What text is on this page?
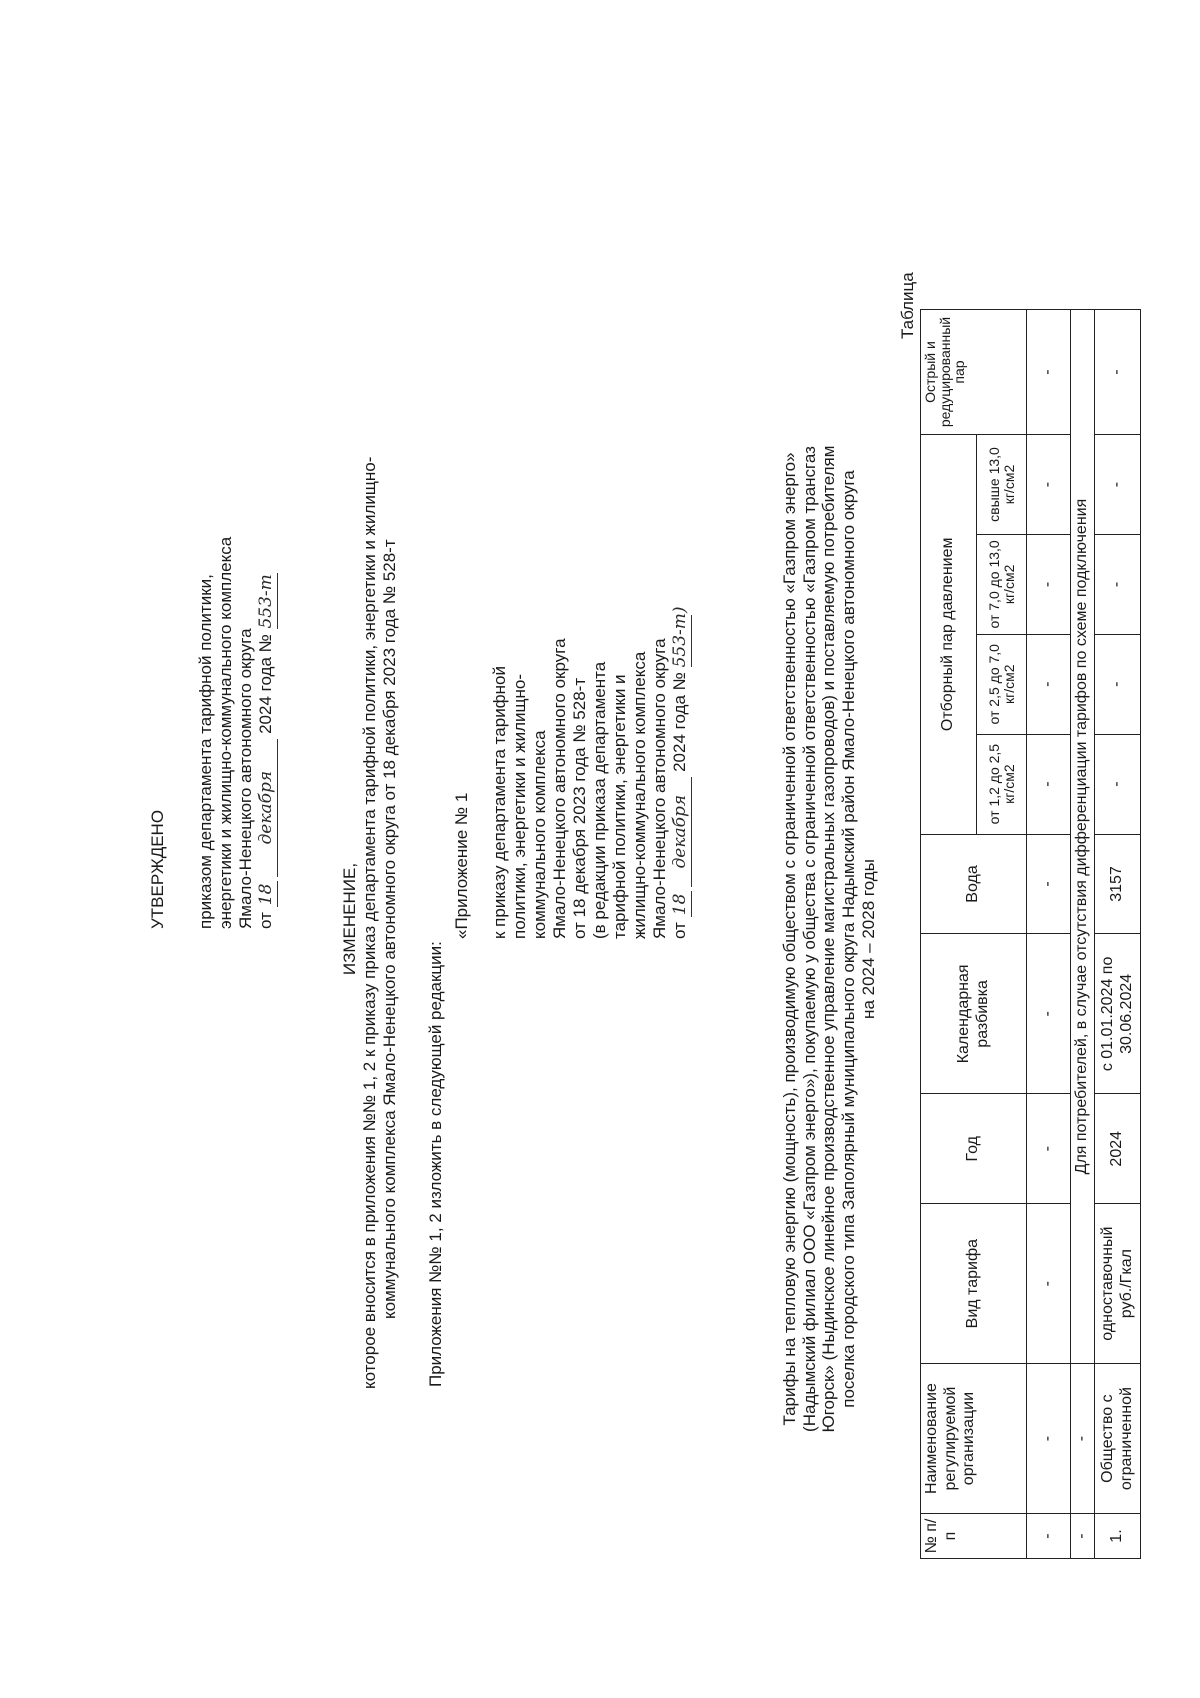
УТВЕРЖДЕНО приказом департамента тарифной политики, энергетики и жилищно-коммунального комплекса Ямало-Ненецкого автономного округа от 18 декабря 2024 года № 553-т
ИЗМЕНЕНИЕ, которое вносится в приложения №№ 1, 2 к приказу приказ департамента тарифной политики, энергетики и жилищно- коммунального комплекса Ямало-Ненецкого автономного округа от 18 декабря 2023 года № 528-т Приложения №№ 1, 2 изложить в следующей редакции:
«Приложение № 1 к приказу департамента тарифной политики, энергетики и жилищно- коммунального комплекса Ямало-Ненецкого автономного округа от 18 декабря 2023 года № 528-т (в редакции приказа департамента тарифной политики, энергетики и жилищно-коммунального комплекса Ямало-Ненецкого автономного округа от 18 декабря 2024 года № 553-т)	Тарифы на тепловую энергию (мощность), производимую обществом с ограниченной ответственностью «Газпром энерго» (Надымский филиал ООО «Газпром энерго»), покупаемую у общества с ограниченной ответственностью «Газпром трансгаз Югорск» (Ныдинское линейное производственное управление магистральных газопроводов) и поставляемую потребителям поселка городского типа Заполярный муниципального округа Надымский район Ямало-Ненецкого автономного округа на 2024 – 2028 годы
Таблица
№ п/п	Наименование регулируемой организации	Вид тарифа	Год	Календарная разбивка	Вода	Отборный пар давлением				Острый и редуцированный пар
						от 1,2 до 2,5 кг/см2	от 2,5 до 7,0 кг/см2	от 7,0 до 13,0 кг/см2	свыше 13,0 кг/см2	
-	-	-	-	-	-	-	-	-	-	-
-	-	Для потребителей, в случае отсутствия дифференциации тарифов по схеме подключения								
1.	Общество с ограниченной	одноставочный руб./Гкал	2024	с 01.01.2024 по 30.06.2024	3157	-	-	-	-	-
